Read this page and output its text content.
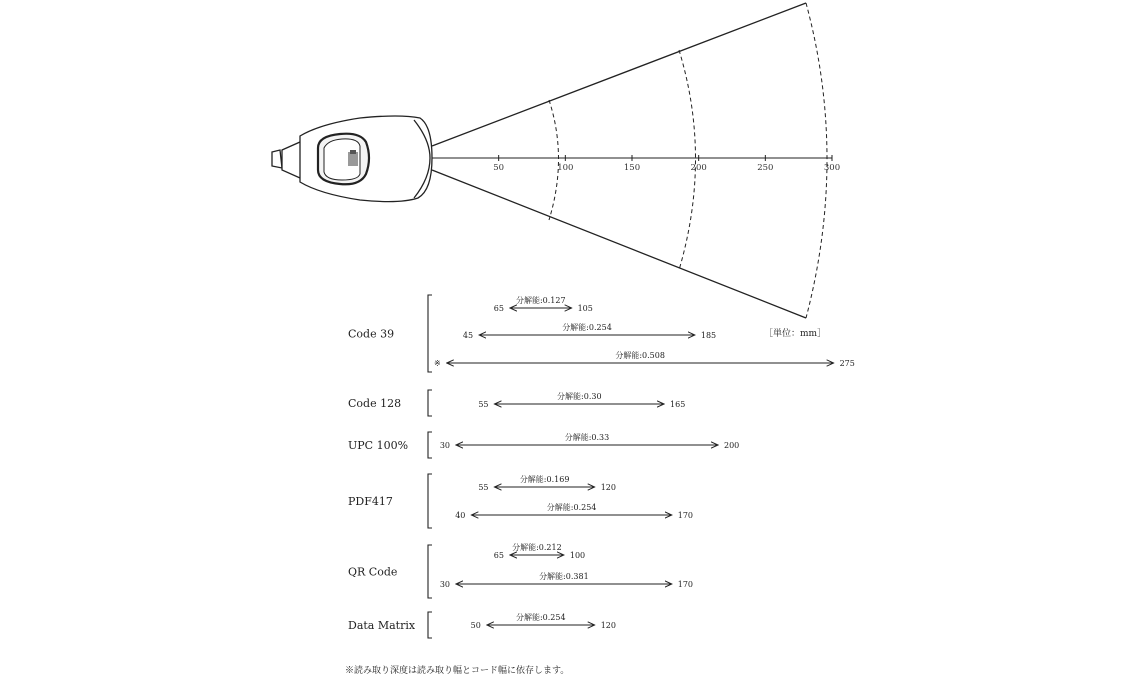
50	100	150	200	250	300
Code 39
65	105
分解能:0.127
45	185
分解能:0.254
※	275
分解能:0.508
Code 128	55	165
分解能:0.30
UPC 100%	30	200
分解能:0.33
PDF417
55	120
分解能:0.169
40	170
分解能:0.254
QR Code
65	100
分解能:0.212
30	170
分解能:0.381
Data Matrix	50	120
分解能:0.254
［単位：mm］
※読み取り深度は読み取り幅とコード幅に依存します。
